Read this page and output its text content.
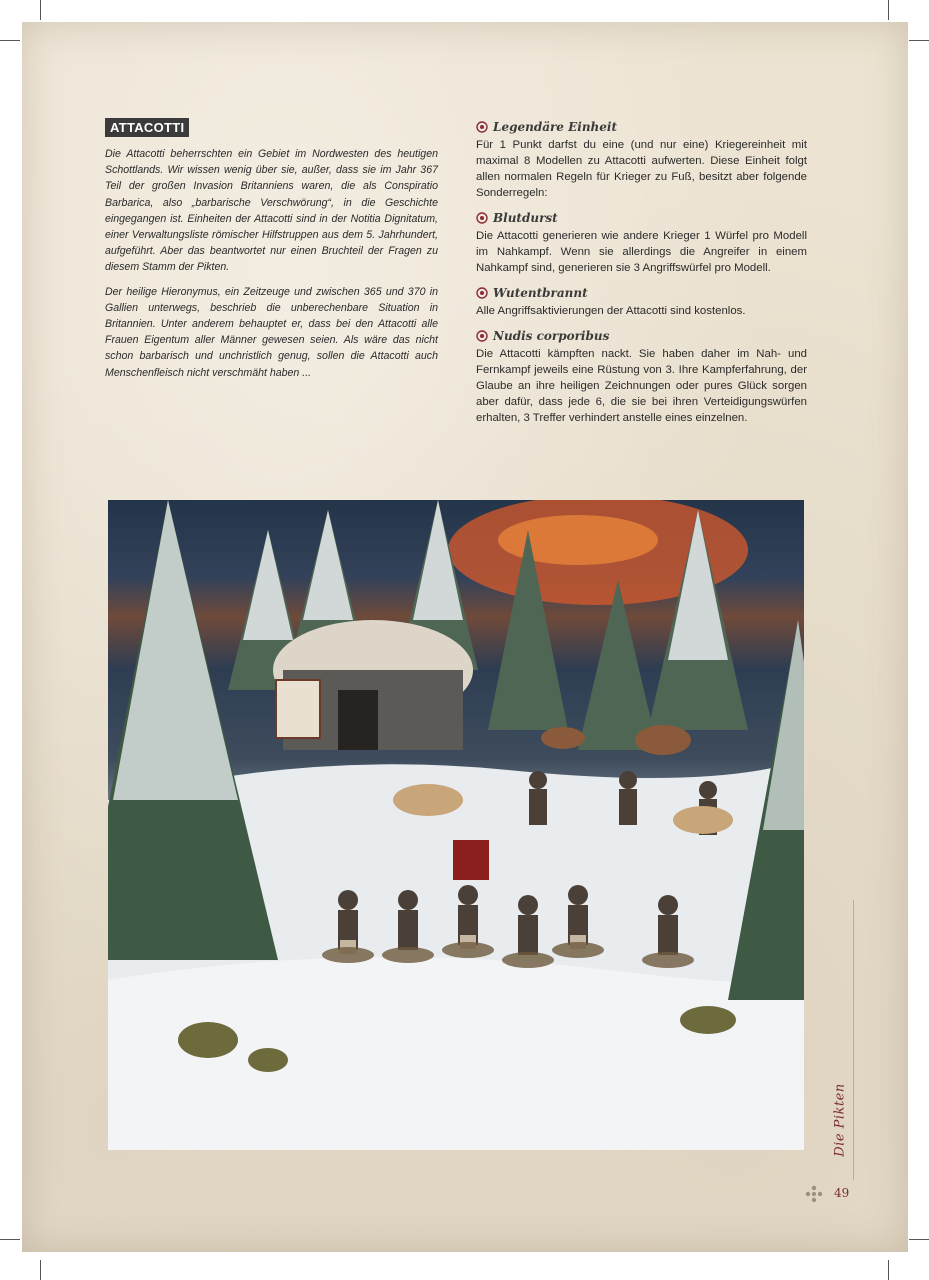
ATTACOTTI

Die Attacotti beherrschten ein Gebiet im Nordwesten des heutigen Schottlands. Wir wissen wenig über sie, außer, dass sie im Jahr 367 Teil der großen Invasion Britanniens waren, die als Conspiratio Barbarica, also „barbarische Verschwörung“, in die Geschichte eingegangen ist. Einheiten der Attacotti sind in der Notitia Dignitatum, einer Verwaltungsliste römischer Hilfstruppen aus dem 5. Jahrhundert, aufgeführt. Aber das beantwortet nur einen Bruchteil der Fragen zu diesem Stamm der Pikten.

Der heilige Hieronymus, ein Zeitzeuge und zwischen 365 und 370 in Gallien unterwegs, beschrieb die unberechenbare Situation in Britannien. Unter anderem behauptet er, dass bei den Attacotti alle Frauen Eigentum aller Männer gewesen seien. Als wäre das nicht schon barbarisch und unchristlich genug, sollen die Attacotti auch Menschenfleisch nicht verschmäht haben ...

Legendäre Einheit

Für 1 Punkt darfst du eine (und nur eine) Kriegereinheit mit maximal 8 Modellen zu Attacotti aufwerten. Diese Einheit folgt allen normalen Regeln für Krieger zu Fuß, besitzt aber folgende Sonderregeln:

Blutdurst

Die Attacotti generieren wie andere Krieger 1 Würfel pro Modell im Nahkampf. Wenn sie allerdings die Angreifer in einem Nahkampf sind, generieren sie 3 Angriffswürfel pro Modell.

Wutentbrannt

Alle Angriffsaktivierungen der Attacotti sind kostenlos.

Nudis corporibus

Die Attacotti kämpften nackt. Sie haben daher im Nah- und Fernkampf jeweils eine Rüstung von 3. Ihre Kampferfahrung, der Glaube an ihre heiligen Zeichnungen oder pures Glück sorgen aber dafür, dass jede 6, die sie bei ihren Verteidigungswürfen erhalten, 3 Treffer verhindert anstelle eines einzelnen.

Die Pikten
49
